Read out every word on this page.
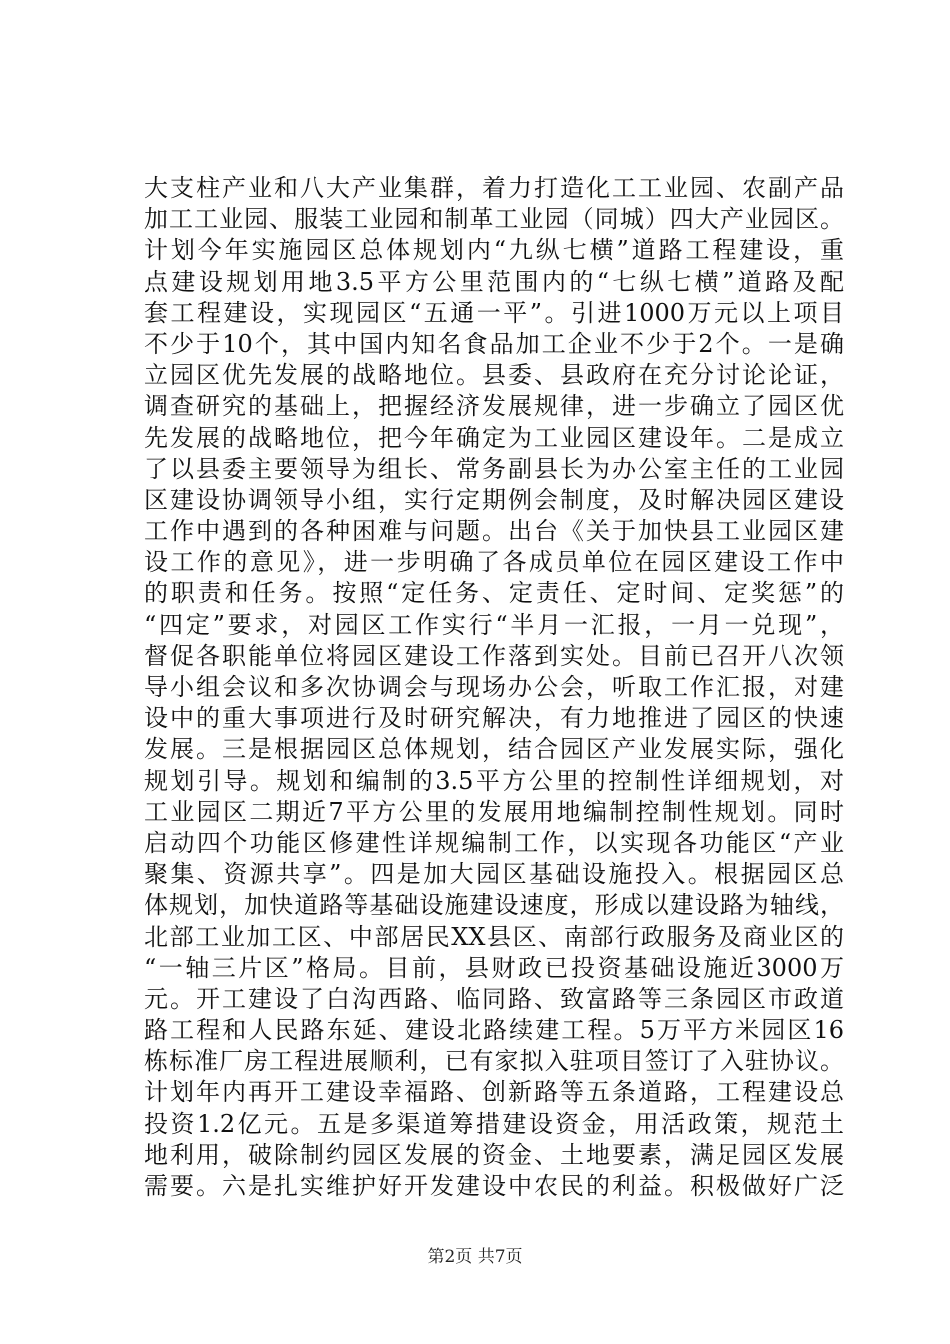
大支柱产业和八大产业集群，着力打造化工工业园、农副产品
加工工业园、服装工业园和制革工业园（同城）四大产业园区。
计划今年实施园区总体规划内“九纵七横”道路工程建设，重
点建设规划用地3.5平方公里范围内的“七纵七横”道路及配
套工程建设，实现园区“五通一平”。引进1000万元以上项目
不少于10个，其中国内知名食品加工企业不少于2个。一是确
立园区优先发展的战略地位。县委、县政府在充分讨论论证，
调查研究的基础上，把握经济发展规律，进一步确立了园区优
先发展的战略地位，把今年确定为工业园区建设年。二是成立
了以县委主要领导为组长、常务副县长为办公室主任的工业园
区建设协调领导小组，实行定期例会制度，及时解决园区建设
工作中遇到的各种困难与问题。出台《关于加快县工业园区建
设工作的意见》，进一步明确了各成员单位在园区建设工作中
的职责和任务。按照“定任务、定责任、定时间、定奖惩”的
“四定”要求，对园区工作实行“半月一汇报，一月一兑现”，
督促各职能单位将园区建设工作落到实处。目前已召开八次领
导小组会议和多次协调会与现场办公会，听取工作汇报，对建
设中的重大事项进行及时研究解决，有力地推进了园区的快速
发展。三是根据园区总体规划，结合园区产业发展实际，强化
规划引导。规划和编制的3.5平方公里的控制性详细规划，对
工业园区二期近7平方公里的发展用地编制控制性规划。同时
启动四个功能区修建性详规编制工作，以实现各功能区“产业
聚集、资源共享”。四是加大园区基础设施投入。根据园区总
体规划，加快道路等基础设施建设速度，形成以建设路为轴线，
北部工业加工区、中部居民XX县区、南部行政服务及商业区的
“一轴三片区”格局。目前，县财政已投资基础设施近3000万
元。开工建设了白沟西路、临同路、致富路等三条园区市政道
路工程和人民路东延、建设北路续建工程。5万平方米园区16
栋标准厂房工程进展顺利，已有家拟入驻项目签订了入驻协议。
计划年内再开工建设幸福路、创新路等五条道路，工程建设总
投资1.2亿元。五是多渠道筹措建设资金，用活政策，规范土
地利用，破除制约园区发展的资金、土地要素，满足园区发展
需要。六是扎实维护好开发建设中农民的利益。积极做好广泛
第2页 共7页
